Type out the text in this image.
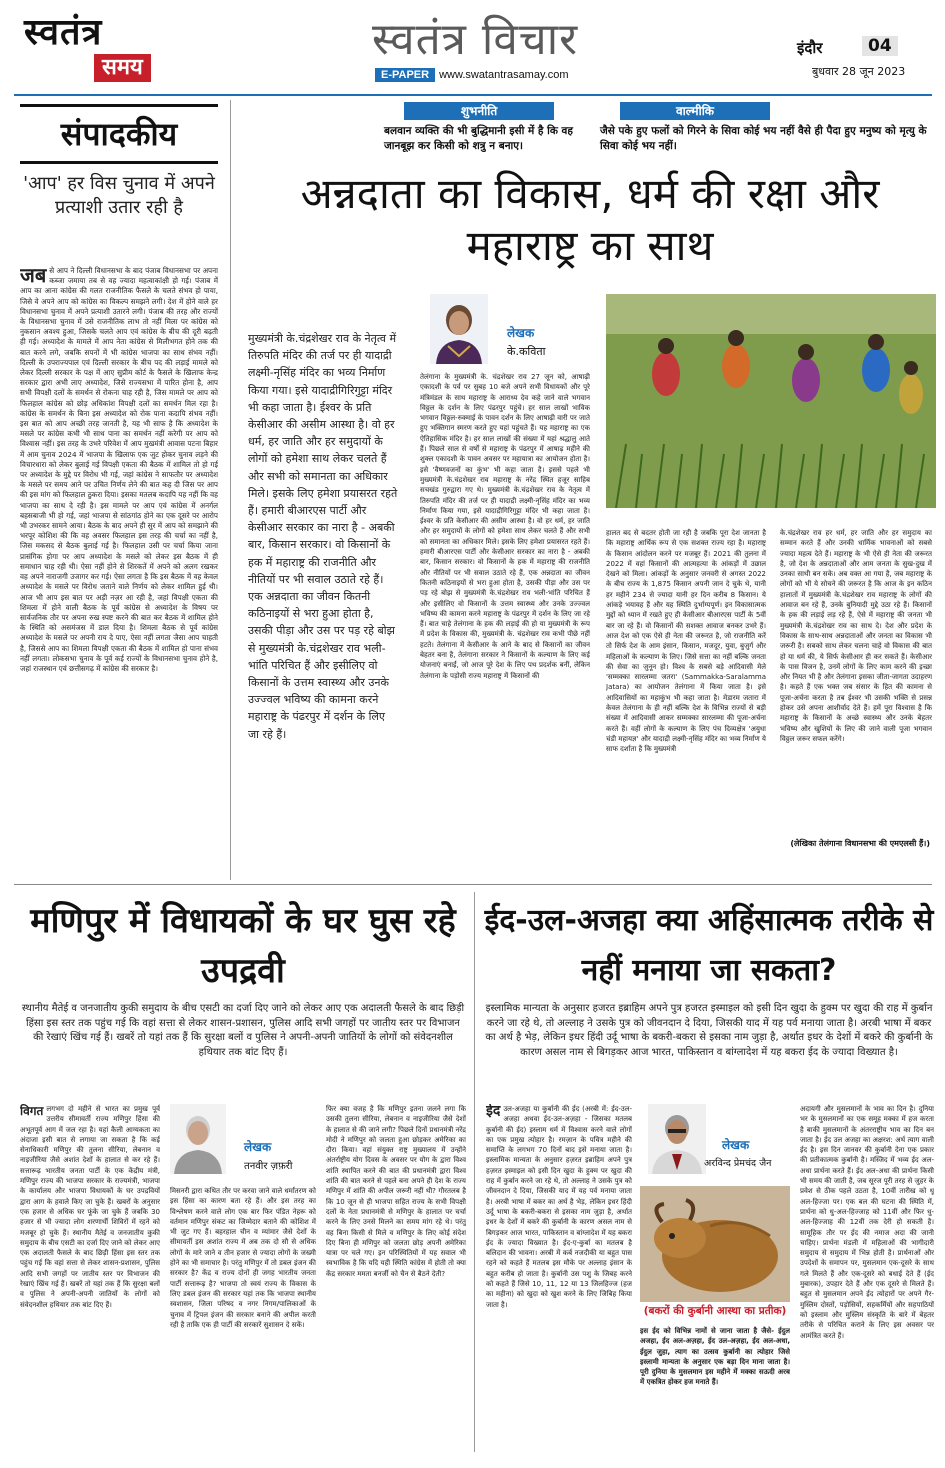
स्वतंत्र
समय
स्वतंत्र विचार
E-PAPER www.swatantrasamay.com
इंदौर	04
बुधवार 28 जून 2023
संपादकीय
'आप' हर विस चुनाव में अपने प्रत्याशी उतार रही है
जब से आप ने दिल्ली विधानसभा के बाद पंजाब विधानसभा पर अपना कब्जा जमाया तब से वह ज्यादा महत्वाकांक्षी हो गई। पंजाब में आप का आना कांग्रेस की गलत राजनीतिक फैसले के चलते संभव हो पाया, जिसे वे अपने आप को कांग्रेस का विकल्प समझने लगी। देश में होने वाले हर विधानसभा चुनाव में अपने प्रत्याशी उतारने लगी। पंजाब की तरह और राज्यों के विधानसभा चुनाव में उसे राजनीतिक लाभ तो नहीं मिला पर कांग्रेस को नुकसान अवश्य हुआ, जिसके चलते आप एवं कांग्रेस के बीच की दूरी बढ़ती ही गई। अध्यादेश के मामले में आप नेता कांग्रेस से मिलीभगत होने तक की बात करने लगे, जबकि सपनों में भी कांग्रेस भाजपा का साथ संभव नहीं। दिल्ली के उपराज्यपाल एवं दिल्ली सरकार के बीच पद की लड़ाई मामले को लेकर दिल्ली सरकार के पक्ष में आए सुप्रीम कोर्ट के फैसले के खिलाफ केन्द्र सरकार द्वारा अभी लाए अध्यादेश, जिसे राज्यसभा में पारित होना है, आप सभी विपक्षी दलों के समर्थन से रोकना चाह रही है, जिस मामले पर आप को फिलहाल कांग्रेस को छोड़ अधिकांश विपक्षी दलों का समर्थन मिल रहा है। कांग्रेस के समर्थन के बिना इस अध्यादेश को रोक पाना कदापि संभव नहीं। इस बात को आप अच्छी तरह जानती है, यह भी साफ है कि अध्यादेश के मसले पर कांग्रेस कभी भी साथ पाना का समर्थन नहीं करेगी पर आप को विश्वास नहीं। इस तरह के उभरे परिवेश में आप मुखमंत्री आवास पटना बिहार में आम चुनाव 2024 में भाजपा के खिलाफ एक जुट होकर चुनाव लड़ने की विचारधारा को लेकर बुलाई गई विपक्षी एकता की बैठक में शामिल तो हो गई पर अध्यादेश के मुद्दे पर विरोध भी गई, जहां कांग्रेस ने साफतौर पर अध्यादेश के मसले पर समय आने पर उचित निर्णय लेने की बात कह दी जिस पर आप की इस मांग को फिलहाल ठुकरा दिया। इसका मतलब कदापि यह नहीं कि वह भाजपा का साथ दे रही है। इस मामले पर आप एवं कांग्रेस में अनर्गल बहसबाजी भी हो गई, जहां भाजपा से सांठगांठ होने का एक दूसरे पर आरोप भी उभरकर सामने आया। बैठक के बाद अपने ही सुर में आप को समझाने की भरपूर कोशिश की कि वह अवसर फिलहाल इस तरह की चर्चा का नहीं है, जिस मकसद से बैठक बुलाई गई है। फिलहाल उसी पर चर्चा किया जाना प्रासंगिक होगा पर आप अध्यादेश के मसले को लेकर इस बैठक में ही समाधान चाह रही थी। ऐसा नहीं होने से शिरकतें में अपने को अलग रखकर वह अपने नाराजगी उजागर कर गई। ऐसा लगता है कि इस बैठक में वह केवल अध्यादेश के मसले पर विरोध जताने वाले निर्णय को लेकर शामिल हुई थी। आज भी आप इस बात पर अड़ी नज़र आ रही है, जहां विपक्षी एकता की शिमला में होने वाली बैठक के पूर्व कांग्रेस से अध्यादेश के विषय पर सार्वजनिक तौर पर अपना रुख स्पष्ट करने की बात कर बैठक में शामिल होने के स्थिति को असमंजस में डाल दिया है। शिमला बैठक से पूर्व कांग्रेस अध्यादेश के मसले पर अपनी राय दे पाए, ऐसा नहीं लगता जैसा आप चाहती है, जिससे आप का शिमला विपक्षी एकता की बैठक में शामिल हो पाना संभव नहीं लगता। लोकसभा चुनाव के पूर्व कई राज्यों के विधानसभा चुनाव होने है, जहां राजस्थान एवं छत्तीसगढ़ में कांग्रेस की सरकार है।
शुभनीति
बलवान व्यक्ति की भी बुद्धिमानी इसी में है कि वह जानबूझ कर किसी को शत्रु न बनाए।
वाल्मीकि
जैसे पके हुए फलों को गिरने के सिवा कोई भय नहीं वैसे ही पैदा हुए मनुष्य को मृत्यु के सिवा कोई भय नहीं।
अन्नदाता का विकास, धर्म की रक्षा और महाराष्ट्र का साथ
मुख्यमंत्री के.चंद्रशेखर राव के नेतृत्व में तिरुपति मंदिर की तर्ज पर ही यादाद्री लक्ष्मी-नृसिंह मंदिर का भव्य निर्माण किया गया। इसे यादाद्रीगिरिगुट्टा मंदिर भी कहा जाता है। ईश्वर के प्रति केसीआर की असीम आस्था है। वो हर धर्म, हर जाति और हर समुदायों के लोगों को हमेशा साथ लेकर चलते हैं और सभी को समानता का अधिकार मिले। इसके लिए हमेशा प्रयासरत रहते हैं। हमारी बीआरएस पार्टी और केसीआर सरकार का नारा है - अबकी बार, किसान सरकार। वो किसानों के हक में महाराष्ट्र की राजनीति और नीतियों पर भी सवाल उठाते रहे हैं। एक अन्नदाता का जीवन कितनी कठिनाइयों से भरा हुआ होता है, उसकी पीड़ा और उस पर पड़ रहे बोझ से मुख्यमंत्री के.चंद्रशेखर राव भली-भांति परिचित हैं और इसीलिए वो किसानों के उत्तम स्वास्थ्य और उनके उज्ज्वल भविष्य की कामना करने महाराष्ट्र के पंढरपुर में दर्शन के लिए जा रहे हैं।
लेखक
के.कविता
तेलंगाना के मुख्यमंत्री के. चंद्रशेखर राव 27 जून को, आषाढ़ी एकादशी के पर्व पर सुबह 10 बजे अपने सभी विधायकों और पूरे मंत्रिमंडल के साथ महाराष्ट्र के आराध्य देव कहे जाने वाले भगवान विठ्ठल के दर्शन के लिए पंढरपुर पहुंचे। हर साल लाखों भाविक भगवान विठ्ठल-रुक्माई के पावन दर्शन के लिए आषाढ़ी वारी पर जाते हुए भक्तिगान स्मरण करते हुए यहां पहुंचते हैं। यह महाराष्ट्र का एक ऐतिहासिक मंदिर है। हर साल लाखों की संख्या में यहां श्रद्धालु आते हैं। पिछले साल से वर्षों से महाराष्ट्र के पंढरपुर में आषाढ़ महीने की शुक्ल एकादशी के पावन अवसर पर महायात्रा का आयोजन होता है। इसे 'वैष्णवजनों का कुंभ' भी कहा जाता है। इससे पहले भी मुख्यमंत्री के.चंद्रशेखर राव महाराष्ट्र के नरेंद्र स्थित हजूर साहिब सचखंड गुरुद्वारा गए थे। मुख्यमंत्री के.चंद्रशेखर राव के नेतृत्व में तिरुपति मंदिर की तर्ज पर ही यादाद्री लक्ष्मी-नृसिंह मंदिर का भव्य निर्माण किया गया, इसे यादाद्रीगिरिगुट्टा मंदिर भी कहा जाता है। ईश्वर के प्रति केसीआर की असीम आस्था है। वो हर धर्म, हर जाति और हर समुदायों के लोगों को हमेशा साथ लेकर चलते हैं और सभी को समानता का अधिकार मिले। इसके लिए हमेशा प्रयासरत रहते हैं। हमारी बीआरएस पार्टी और केसीआर सरकार का नारा है - अबकी बार, किसान सरकार। वो किसानों के हक में महाराष्ट्र की राजनीति और नीतियों पर भी सवाल उठाते रहे हैं, एक अन्नदाता का जीवन कितनी कठिनाइयों से भरा हुआ होता है, उसकी पीड़ा और उस पर पड़ रहे बोझ से मुख्यमंत्री के.चंद्रशेखर राव भली-भांति परिचित हैं और इसीलिए वो किसानों के उत्तम स्वास्थ्य और उनके उज्ज्वल भविष्य की कामना करने महाराष्ट्र के पंढरपुर में दर्शन के लिए जा रहे हैं। बात चाहे तेलंगाना के हक की लड़ाई की हो या मुख्यमंत्री के रूप में प्रदेश के विकास की, मुख्यमंत्री के. चंद्रशेखर राव कभी पीछे नहीं हटते। तेलंगाना में केसीआर के आने के बाद से किसानों का जीवन बेहतर बना है, तेलंगाना सरकार ने किसानों के कल्याण के लिए कई योजनाएं बनाईं, जो आज पूरे देश के लिए पथ प्रदर्शक बनीं, लेकिन तेलंगाना के पड़ोसी राज्य महाराष्ट्र में किसानों की
हालत बद से बदतर होती जा रही है जबकि पूरा देश जानता है कि महाराष्ट्र आर्थिक रूप से एक सशक्त राज्य रहा है। महाराष्ट्र के किसान आंदोलन करने पर मजबूर हैं। 2021 की तुलना में 2022 में वहां किसानों की आत्महत्या के आंकड़ों में उछाल देखने को मिला। आंकड़ों के अनुसार जनवरी से अगस्त 2022 के बीच राज्य के 1,875 किसान अपनी जान दे चुके थे, यानी हर महीने 234 से ज्यादा यानी हर दिन करीब 8 किसान। ये आंकड़े भयावह हैं और यह स्थिति दुर्भाग्यपूर्ण। इन विकासात्मक मुद्दों को ध्यान में रखते हुए ही केसीआर बीआरएस पार्टी के 5वीं बार जा रहे हैं। वो किसानों की सशक्त आवाज बनकर उभरे हैं। आज देश को एक ऐसे ही नेता की जरूरत है, जो राजनीति करें तो सिर्फ देश के आम इंसान, किसान, मजदूर, युवा, बुजुर्ग और महिलाओं के कल्याण के लिए। जिसे सत्ता का नहीं बल्कि जनता की सेवा का जुनून हो। विश्व के सबसे बड़े आदिवासी मेले 'सम्मक्का सारलम्मा जतरा' (Sammakka-Saralamma Jatara) का आयोजन तेलंगाना में किया जाता है। इसे आदिवासियों का महाकुंभ भी कहा जाता है। मेडारम जतारा में केवल तेलंगाना के ही नहीं बल्कि देश के विभिन्न राज्यों से बड़ी संख्या में आदिवासी आकर सम्मक्का सारलम्मा की पूजा-अर्चना करते हैं। वहीं लोगों के कल्याण के लिए पंच दिव्यक्षेत्र 'अयुधा चंडी महायज्ञ' और यादाद्री लक्ष्मी-नृसिंह मंदिर का भव्य निर्माण ये साफ दर्शाता है कि मुख्यमंत्री
के.चंद्रशेखर राव हर धर्म, हर जाति और हर समुदाय का सम्मान करते हैं और उनकी धार्मिक भावनाओं को सबसे ज्यादा महत्व देते हैं। महाराष्ट्र के भी ऐसे ही नेता की जरूरत है, जो देश के अन्नदाताओं और आम जनता के सुख-दुख में उनका साथी बन सके। अब वक्त आ गया है, जब महाराष्ट्र के लोगों को भी ये सोचने की जरूरत है कि आज के इन कठिन हालातों में मुख्यमंत्री के.चंद्रशेखर राव महाराष्ट्र के लोगों की आवाज बन रहे हैं, उनके बुनियादी मुद्दे उठा रहे हैं। किसानों के हक की लड़ाई लड़ रहे हैं, ऐसे में महाराष्ट्र की जनता भी मुख्यमंत्री के.चंद्रशेखर राव का साथ दे। देश और प्रदेश के विकास के साथ-साथ अन्नदाताओं और जनता का विकास भी जरूरी है। सबको साथ लेकर चलना चाहे वो विकास की बात हो या धर्म की, ये सिर्फ केसीआर ही कर सकते हैं। केसीआर के पास विजन है, उनमें लोगों के लिए काम करने की इच्छा और नियत भी है और तेलंगाना इसका जीता-जागता उदाहरण है। कहते हैं एक भक्त जब संसार के हित की कामना से पूजा-अर्चना करता है तब ईश्वर भी उसकी भक्ति से प्रसन्न होकर उसे अपना आशीर्वाद देते हैं। हमें पूरा विश्वास है कि महाराष्ट्र के किसानों के अच्छे स्वास्थ्य और उनके बेहतर भविष्य और खुशियों के लिए की जाने वाली पूजा भगवान विठ्ठल जरूर सफल करेंगे।
(लेखिका तेलंगाना विधानसभा की एमएलसी हैं।)
मणिपुर में विधायकों के घर घुस रहे उपद्रवी
स्थानीय मैतेई व जनजातीय कुकी समुदाय के बीच एसटी का दर्जा दिए जाने को लेकर आए एक अदालती फैसले के बाद छिड़ी हिंसा इस स्तर तक पहुंच गई कि वहां सत्ता से लेकर शासन-प्रशासन, पुलिस आदि सभी जगहों पर जातीय स्तर पर विभाजन की रेखाएं खिंच गई हैं। खबरें तो यहां तक हैं कि सुरक्षा बलों व पुलिस ने अपनी-अपनी जातियों के लोगों को संवेदनशील हथियार तक बांट दिए हैं।
विगत लगभग दो महीने से भारत का प्रमुख पूर्व उत्तरीय सीमावर्ती राज्य मणिपुर हिंसा की अभूतपूर्व आग में जल रहा है। यहां कैली आग्यकता का अंदाजा इसी बात से लगाया जा सकता है कि कई सेनाधिकारी मणिपुर की तुलना सीरिया, लेबनान व नाइजीरिया जैसे अशांत देशों के हालात से कर रहे हैं। सत्तारूढ़ भारतीय जनता पार्टी के एक केंद्रीय मंत्री, मणिपुर राज्य की भाजपा सरकार के राज्यमंत्री, भाजपा के कार्यालय और भाजपा विधायकों के घर उपद्रवियों द्वारा आग के हवाले किए जा चुके हैं। खबरों के अनुसार एक हजार से अधिक घर फूंके जा चुके हैं जबकि 30 हजार से भी ज्यादा लोग शरणार्थी शिविरों में रहने को मजबूर हो चुके हैं। स्थानीय मैतेई व जनजातीय कुकी समुदाय के बीच एसटी का दर्जा दिए जाने को लेकर आए एक अदालती फैसले के बाद छिड़ी हिंसा इस स्तर तक पहुंच गई कि वहां सत्ता से लेकर शासन-प्रशासन, पुलिस आदि सभी जगहों पर जातीय स्तर पर विभाजन की रेखाएं खिंच गई हैं। खबरें तो यहां तक हैं कि सुरक्षा बलों व पुलिस ने अपनी-अपनी जातियों के लोगों को संवेदनशील हथियार तक बांट दिए हैं।
लेखक
तनवीर ज़फ़री
मिसनरी द्वारा कथित तौर पर करवा जाने वाले धर्मांतरण को इस हिंसा का कारण बता रहे हैं। और इस तरह का विश्लेषण करने वाले लोग एक बार फिर पंडित नेहरू को वर्तमान मणिपुर संकट का जिम्मेदार बताने की कोशिश में भी जुट गए हैं। बहरहाल चीन व म्यांमार जैसे देशों के सीमावर्ती इस अशांत राज्य में अब तक दो सौ से अधिक लोगों के मारे जाने व तीन हजार से ज्यादा लोगों के जख्मी होने का भी समाचार है। परंतु मणिपुर में तो डबल इंजन की सरकार है? केंद्र व राज्य दोनों ही जगह भारतीय जनता पार्टी सत्तारूढ़ है? भाजपा तो स्वयं राज्य के विकास के लिए डबल इंजन की सरकार यहां तक कि भाजपा स्थानीय स्वशासन, जिला परिषद व नगर निगम/पालिकाओं के चुनाव में ट्रिपल इंजन की सरकार बनाने की अपील करती रही है ताकि एक ही पार्टी की सरकारें सुशासन दे सकें।
फिर क्या वजह है कि मणिपुर इतना जलने लगा कि उसकी तुलना सीरिया, लेबनान व नाइजीरिया जैसे देशों के हालात से की जाने लगी? पिछले दिनों प्रधानमंत्री नरेंद्र मोदी ने मणिपुर को जलता हुआ छोड़कर अमेरिका का दौरा किया। वहां संयुक्त राष्ट्र मुख्यालय में उन्होंने अंतर्राष्ट्रीय योग दिवस के अवसर पर योग के द्वारा विश्व शांति स्थापित करने की बात की प्रधानमंत्री द्वारा विश्व शांति की बात करने से पहले बना अपने ही देश के राज्य मणिपुर में शांति की अपील जरूरी नहीं थी? गौरतलब है कि 10 जून से ही भाजपा सहित राज्य के सभी विपक्षी दलों के नेता प्रधानमंत्री से मणिपुर के हालात पर चर्चा करने के लिए उनसे मिलने का समय मांग रहे थे। परंतु वह बिना किसी से मिले व मणिपुर के लिए कोई संदेश दिए बिना ही मणिपुर को जलता छोड़ अपनी अमेरिका यात्रा पर चले गए। इन परिस्थितियों में यह सवाल भी स्वभाविक है कि यदि यही स्थिति कांग्रेस में होती तो क्या केंद्र सरकार ममता बनर्जी को चैन से बैठने देती?
ईद-उल-अजहा क्या अहिंसात्मक तरीके से नहीं मनाया जा सकता?
इस्लामिक मान्यता के अनुसार हजरत इब्राहिम अपने पुत्र हजरत इस्माइल को इसी दिन खुदा के हुक्म पर खुदा की राह में कुर्बान करने जा रहे थे, तो अल्लाह ने उसके पुत्र को जीवनदान दे दिया, जिसकी याद में यह पर्व मनाया जाता है। अरबी भाषा में बकर का अर्थ है भेड़, लेकिन इधर हिंदी उर्दू भाषा के बकरी-बकरा से इसका नाम जुड़ा है, अर्थात इधर के देशों में बकरे की कुर्बानी के कारण असल नाम से बिगड़कर आज भारत, पाकिस्तान व बांग्लादेश में यह बकरा ईद के ज्यादा विख्यात है।
ईद उल-अजहा या कुर्बानी की ईद (अरबी में: ईद-उल-अजहा अथवा ईद-उल-अज़हा - जिसका मतलब कुर्बानी की ईद) इस्लाम धर्म में विश्वास करने वाले लोगों का एक प्रमुख त्योहार है। रमज़ान के पवित्र महीने की समाप्ति के लगभग 70 दिनों बाद इसे मनाया जाता है। इस्लामिक मान्यता के अनुसार हज़रत इब्राहिम अपने पुत्र हज़रत इस्माइल को इसी दिन खुदा के हुक्म पर खुदा की राह में कुर्बान करने जा रहे थे, तो अल्लाह ने उसके पुत्र को जीवनदान दे दिया, जिसकी याद में यह पर्व मनाया जाता है। अरबी भाषा में बकर का अर्थ है भेड़, लेकिन इधर हिंदी उर्दू भाषा के बकरी-बकरा से इसका नाम जुड़ा है, अर्थात इधर के देशों में बकरे की कुर्बानी के कारण असल नाम से बिगड़कर आज भारत, पाकिस्तान व बांग्लादेश में यह बकरा ईद के ज्यादा विख्यात है। ईद-ए-कुर्बा का मतलब है बलिदान की भावना। अरबी में कर्ब नजदीकी या बहुत पास रहने को कहते हैं मतलब इस मौके पर अल्लाह इंसान के बहुत करीब हो जाता है। कुर्बानी उस पशु के जिबह करने को कहते हैं जिसे 10, 11, 12 या 13 जिलहिज्ज (हज का महीना) को खुदा को खुश करने के लिए जिबिह किया जाता है।
लेखक
अरविन्द प्रेमचंद जैन
(बकरों की कुर्बानी आस्था का प्रतीक)
इस ईद को विभिन्न नामों से जाना जाता है जैसे- ईदुल अजहा, ईद अल-अज़हा, ईद उल-अज़हा, ईद अल-अधा, ईदुल जुहा, त्याग का उत्सव कुर्बानी का त्योहार जिसे इस्लामी मान्यता के अनुसार एक बड़ा दिन माना जाता है। पूरी दुनिया के मुसलमान इस महीने में मक्का सऊदी अरब में एकत्रित होकर हज मनाते हैं।
अदायगी और मुसलमानों के भाव का दिन है। दुनिया भर के मुसलमानों का एक समूह मक्का में हज करता है बाकी मुसलमानों के अंतरराष्ट्रीय भाव का दिन बन जाता है। ईद उल अजहा का अक्षरश: अर्थ त्याग वाली ईद है। इस दिन जानवर की कुर्बानी देना एक प्रकार की प्रतीकात्मक कुर्बानी है। मस्जिद में भव्य ईद अल-अधा प्रार्थना करते हैं। ईद अल-अधा की प्रार्थना किसी भी समय की जाती है, जब सूरज पूरी तरह से जुहर के प्रवेश से ठीक पहले उठता है, 10वीं तारीख को धू अल-हिज्जा पर। एक बल की घटना की स्थिति में, प्रार्थना को धु-अल-हिज्जाह को 11वीं और फिर धु-अल-हिज्जाह की 12वीं तक देरी हो सकती है। सामूहिक तौर पर ईद की नमाज अदा की जानी चाहिए। प्रार्थना मंडली में महिलाओं की भागीदारी समुदाय से समुदाय में भिन्न होती है। प्रार्थनाओं और उपदेशों के समापन पर, मुसलमान एक-दूसरे के साथ गले मिलते हैं और एक-दूसरे को बधाई देते हैं (ईद मुबारक), उपहार देते हैं और एक दूसरे से मिलते हैं। बहुत से मुसलमान अपने ईद त्योहारों पर अपने गैर-मुस्लिम दोस्तों, पड़ोसियों, सहकर्मियों और सहपाठियों को इस्लाम और मुस्लिम संस्कृति के बारे में बेहतर तरीके से परिचित कराने के लिए इस अवसर पर आमंत्रित करते हैं।
